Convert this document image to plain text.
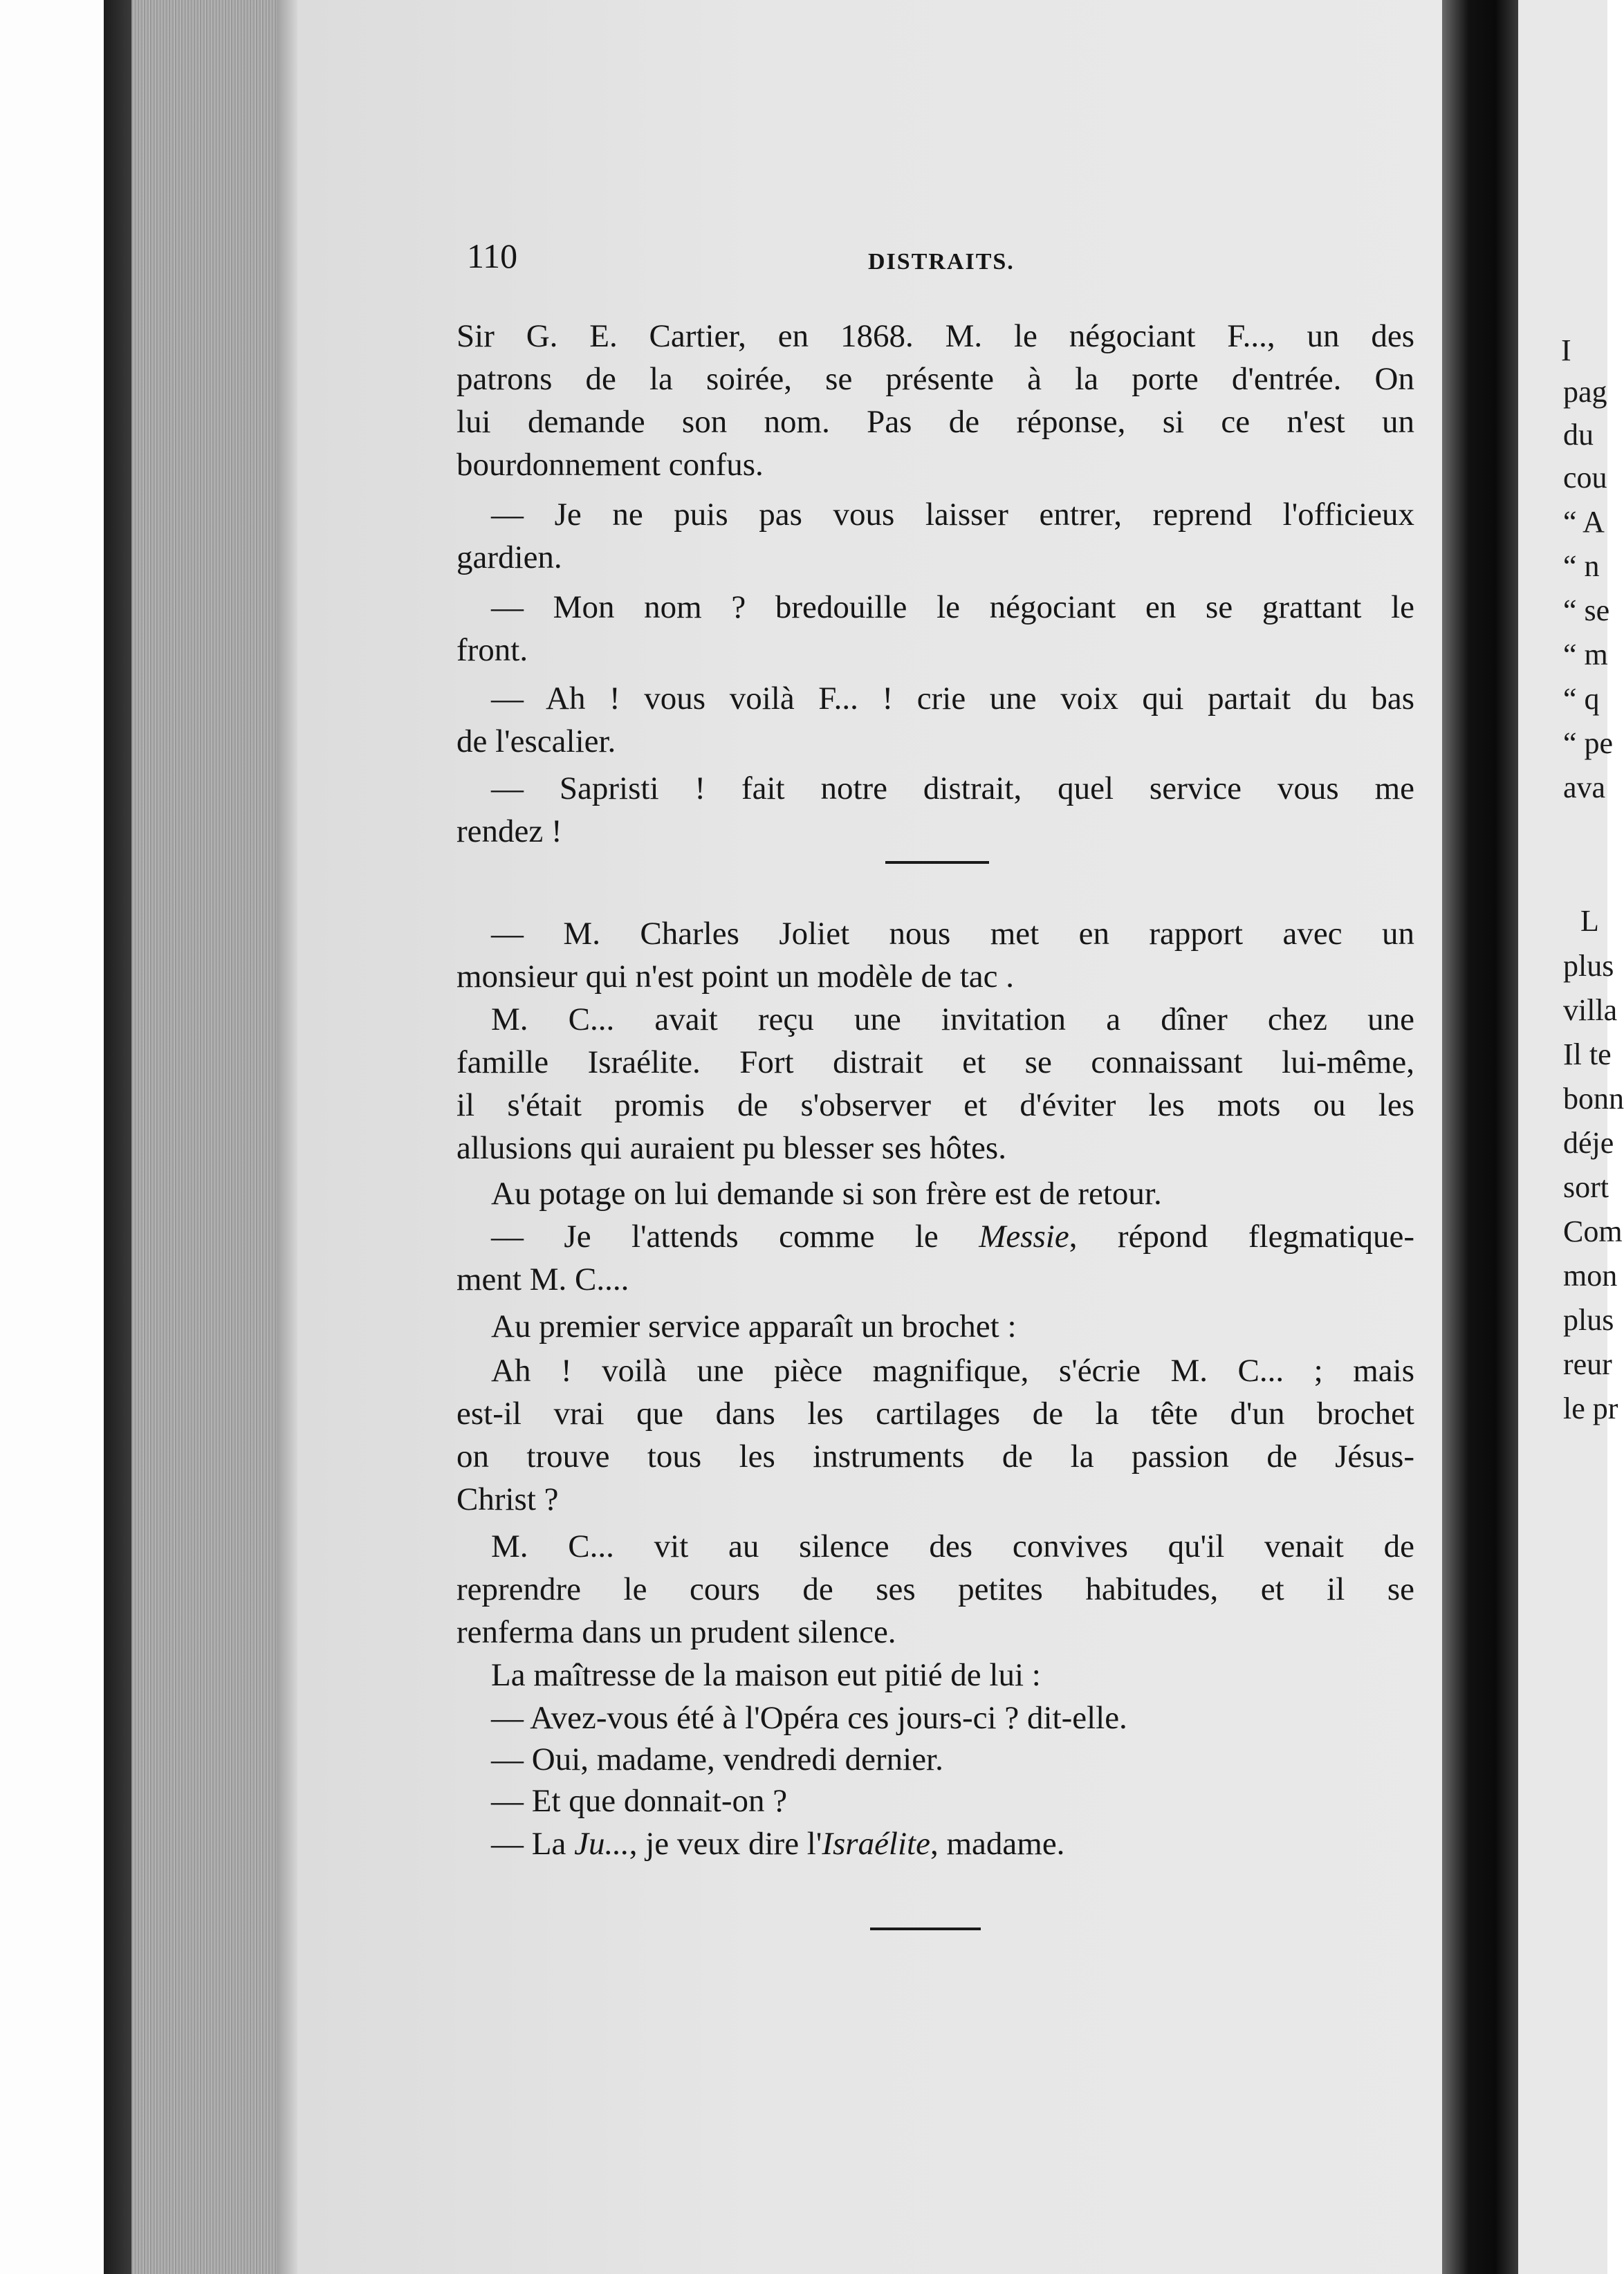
110	DISTRAITS.
Sir G. E. Cartier, en 1868. M. le négociant F..., un des
patrons de la soirée, se présente à la porte d'entrée. On
lui demande son nom. Pas de réponse, si ce n'est un
bourdonnement confus.
— Je ne puis pas vous laisser entrer, reprend l'officieux
gardien.
— Mon nom ? bredouille le négociant en se grattant le
front.
— Ah ! vous voilà F... ! crie une voix qui partait du bas
de l'escalier.
— Sapristi ! fait notre distrait, quel service vous me
rendez !
— M. Charles Joliet nous met en rapport avec un
monsieur qui n'est point un modèle de tac .
M. C... avait reçu une invitation a dîner chez une
famille Israélite. Fort distrait et se connaissant lui-même,
il s'était promis de s'observer et d'éviter les mots ou les
allusions qui auraient pu blesser ses hôtes.
Au potage on lui demande si son frère est de retour.
— Je l'attends comme le Messie, répond flegmatique-
ment M. C....
Au premier service apparaît un brochet :
Ah ! voilà une pièce magnifique, s'écrie M. C... ; mais
est-il vrai que dans les cartilages de la tête d'un brochet
on trouve tous les instruments de la passion de Jésus-
Christ ?
M. C... vit au silence des convives qu'il venait de
reprendre le cours de ses petites habitudes, et il se
renferma dans un prudent silence.
La maîtresse de la maison eut pitié de lui :
— Avez-vous été à l'Opéra ces jours-ci ? dit-elle.
— Oui, madame, vendredi dernier.
— Et que donnait-on ?
— La Ju..., je veux dire l'Israélite, madame.
I
pag
du
cou
“ A
“ n
“ se
“ m
“ q
“ pe
ava
L
plus
villa
Il te
bonn
déje
sort
Com
mon
plus
reur
le pr
